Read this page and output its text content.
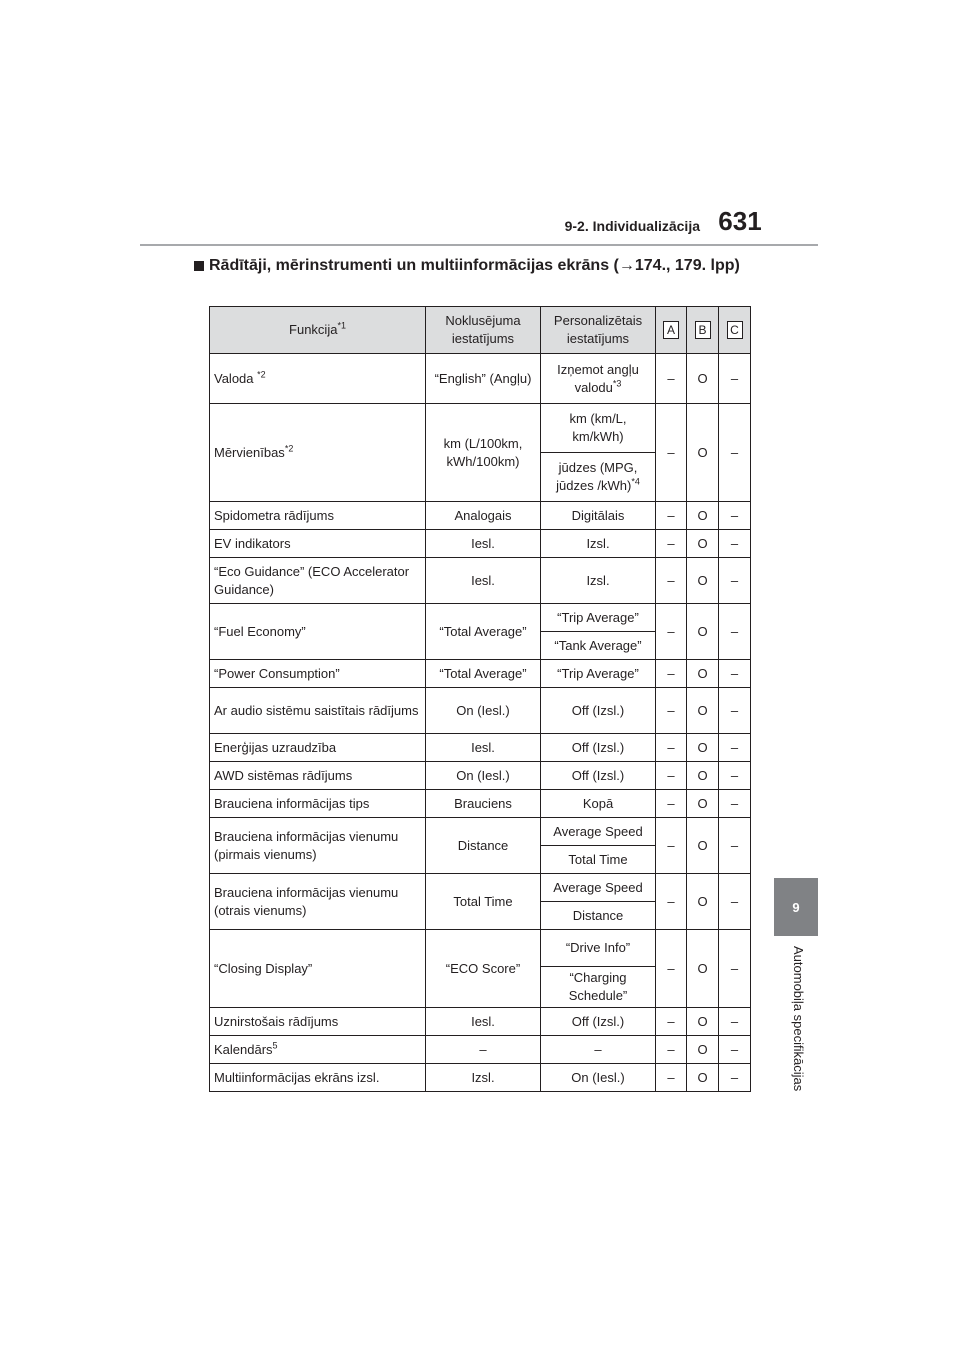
9-2. Individualizācija 631
9
Automobiļa specifikācijas
Rādītāji, mērinstrumenti un multiinformācijas ekrāns (→174., 179. lpp)
Funkcija$^{*1}$	Noklusējuma iestatījums	Personalizētais iestatījums	A	B	C
Valoda $^{*2}$	“English” (Angļu)	Izņemot angļu valodu$^{*3}$	–	O	–
Mērvienības$^{*2}$	km (L/100km, kWh/100km)	km (km/L, km/kWh)	–	O	–
		jūdzes (MPG, jūdzes /kWh)$^{*4}$
Spidometra rādījums	Analogais	Digitālais	–	O	–
EV indikators	Iesl.	Izsl.	–	O	–
“Eco Guidance” (ECO Accelerator Guidance)	Iesl.	Izsl.	–	O	–
“Fuel Economy”	“Total Average”	“Trip Average”	–	O	–
		“Tank Average”			
“Power Consumption”	“Total Average”	“Trip Average”	–	O	–
Ar audio sistēmu saistītais rādījums	On (Iesl.)	Off (Izsl.)	–	O	–
Enerģijas uzraudzība	Iesl.	Off (Izsl.)	–	O	–
AWD sistēmas rādījums	On (Iesl.)	Off (Izsl.)	–	O	–
Brauciena informācijas tips	Brauciens	Kopā	–	O	–
Brauciena informācijas vienumu (pirmais vienums)	Distance	Average Speed	–	O	–
		Total Time			
Brauciena informācijas vienumu (otrais vienums)	Total Time	Average Speed	–	O	–
		Distance			
“Closing Display”	“ECO Score”	“Drive Info”	–	O	–
		“Charging Schedule”			
Uznirstošais rādījums	Iesl.	Off (Izsl.)	–	O	–
Kalendārs$^5$	–	–	–	O	–
Multiinformācijas ekrāns izsl.	Izsl.	On (Iesl.)	–	O	–
